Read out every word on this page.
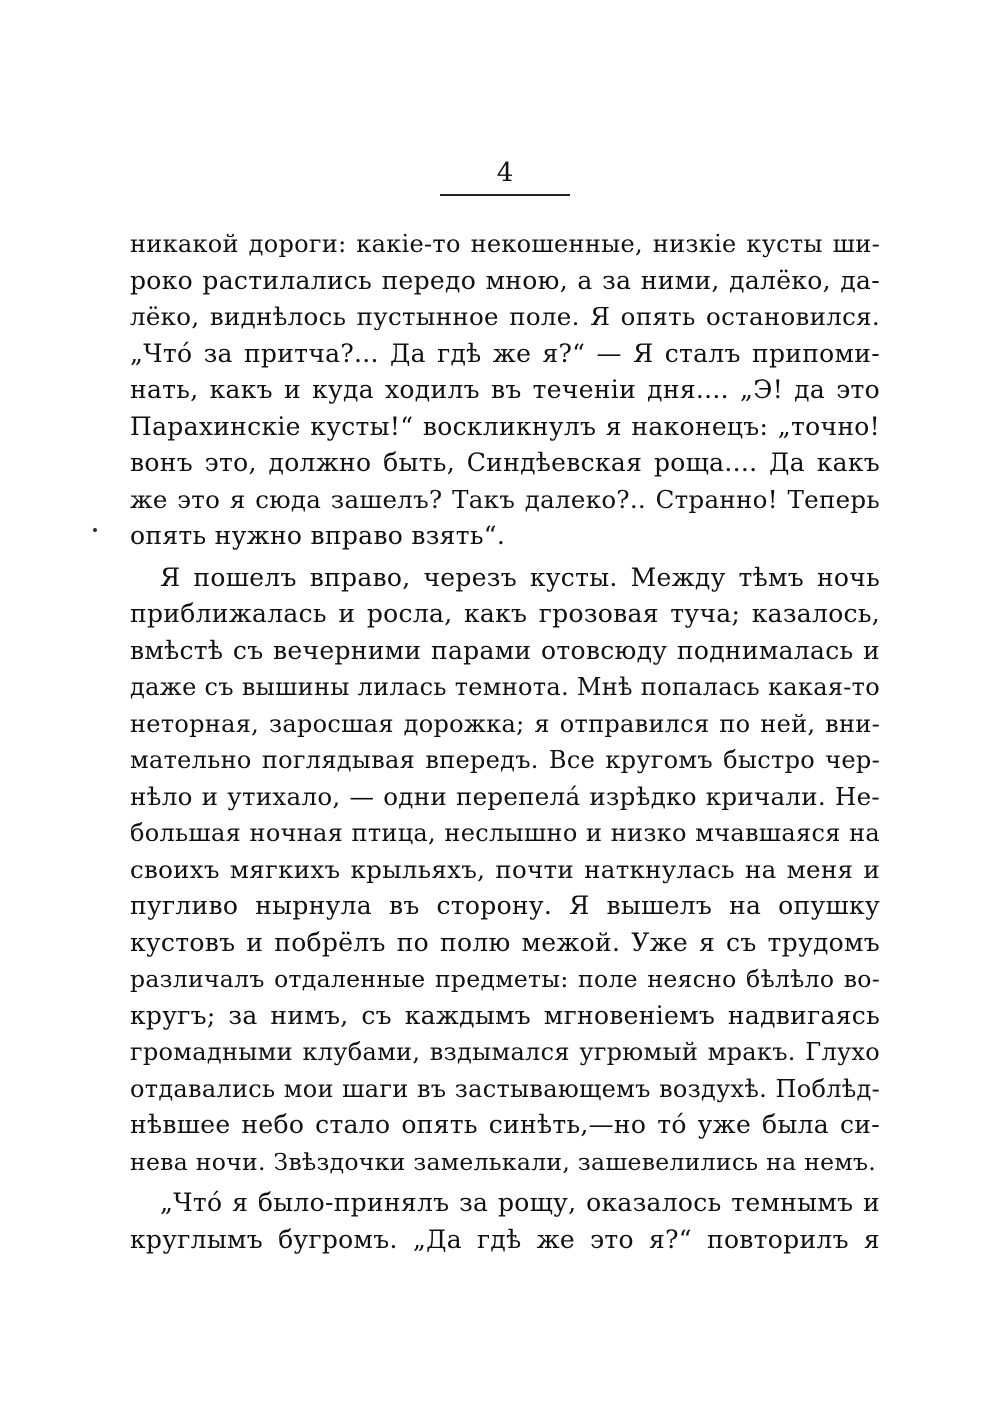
4
никакой дороги: какіе-то некошенные, низкіе кусты ши-
роко растилались передо мною, а за ними, далёко, да-
лёко, виднѣлось пустынное поле. Я опять остановился.
„Чтó за притча?... Да гдѣ же я?“ — Я сталъ припоми-
нать, какъ и куда ходилъ въ теченіи дня.... „Э! да это
Парахинскіе кусты!“ воскликнулъ я наконецъ: „точно!
вонъ это, должно быть, Синдѣевская роща.... Да какъ
же это я сюда зашелъ? Такъ далеко?.. Странно! Теперь
опять нужно вправо взять“.
Я пошелъ вправо, черезъ кусты. Между тѣмъ ночь
приближалась и росла, какъ грозовая туча; казалось,
вмѣстѣ съ вечерними парами отовсюду поднималась и
даже съ вышины лилась темнота. Мнѣ попалась какая-то
неторная, заросшая дорожка; я отправился по ней, вни-
мательно поглядывая впередъ. Все кругомъ быстро чер-
нѣло и утихало, — одни перепелá изрѣдко кричали. Не-
большая ночная птица, неслышно и низко мчавшаяся на
своихъ мягкихъ крыльяхъ, почти наткнулась на меня и
пугливо нырнула въ сторону. Я вышелъ на опушку
кустовъ и побрёлъ по полю межой. Уже я съ трудомъ
различалъ отдаленные предметы: поле неясно бѣлѣло во-
кругъ; за нимъ, съ каждымъ мгновеніемъ надвигаясь
громадными клубами, вздымался угрюмый мракъ. Глухо
отдавались мои шаги въ застывающемъ воздухѣ. Поблѣд-
нѣвшее небо стало опять синѣть,—но тó уже была си-
нева ночи. Звѣздочки замелькали, зашевелились на немъ.
„Чтó я было-принялъ за рощу, оказалось темнымъ и
круглымъ бугромъ. „Да гдѣ же это я?“ повторилъ я
